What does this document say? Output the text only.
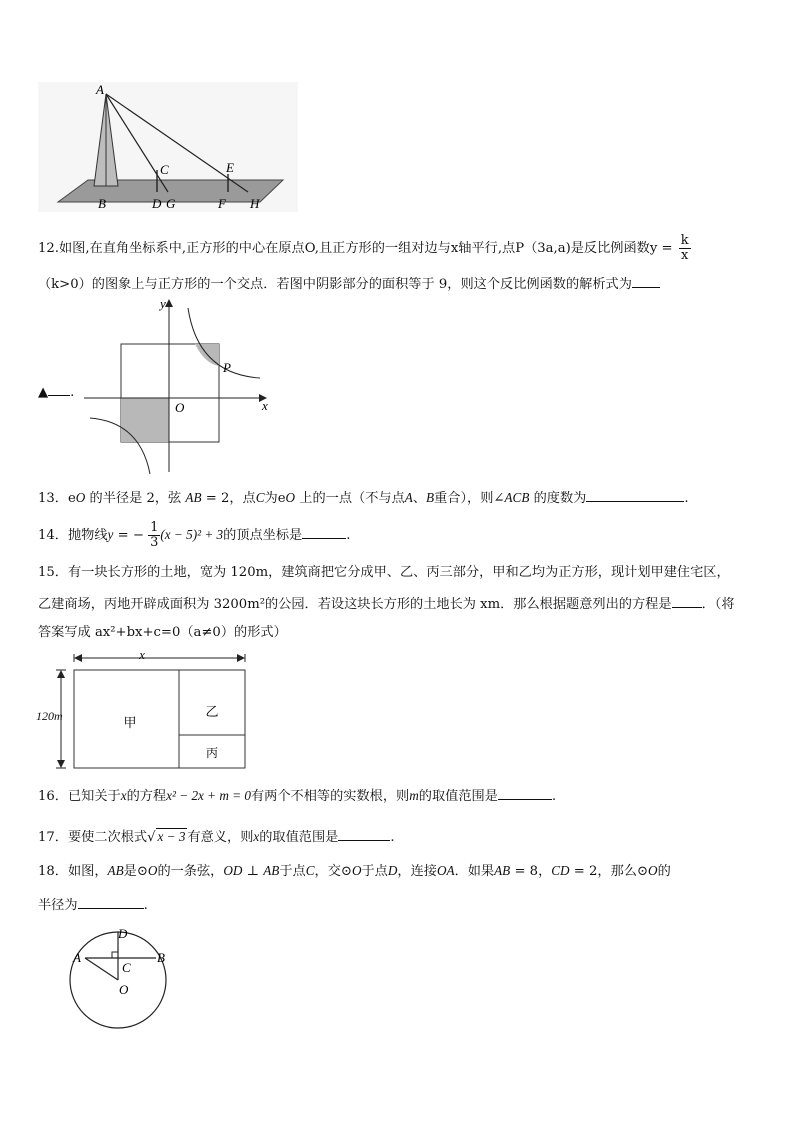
A
C	E
B	D G	F H
12.如图,在直角坐标系中,正方形的中心在原点O,且正方形的一组对边与x轴平行,点P（3a,a)是反比例函数$y = \frac{k}{x}$
（k>0）的图象上与正方形的一个交点．若图中阴影部分的面积等于 9，则这个反比例函数的解析式为
▲ .
y
x
O
P
13．eO 的半径是 2，弦 AB = 2，点C为eO 上的一点（不与点A、B重合），则∠ACB 的度数为	.
14．抛物线y = − $\frac{1}{3} (x - 5)^2 + 3$的顶点坐标是	.
15．有一块长方形的土地，宽为 120m，建筑商把它分成甲、乙、丙三部分，甲和乙均为正方形，现计划甲建住宅区，
乙建商场，丙地开辟成面积为 3200m²的公园．若设这块长方形的土地长为 xm．那么根据题意列出的方程是 ．（将
答案写成 ax²+bx+c=0（a≠0）的形式）
x
120m	甲
乙
丙
16．已知关于x的方程x² − 2x + m = 0有两个不相等的实数根，则m的取值范围是	.
17．要使二次根式√ x − 3 有意义，则x的取值范围是	.
18．如图，AB是⊙O的一条弦，OD ⊥ AB于点C，交⊙O于点D，连接OA．如果AB = 8，CD = 2，那么⊙O的
半径为	.
A	B
D
C
O
